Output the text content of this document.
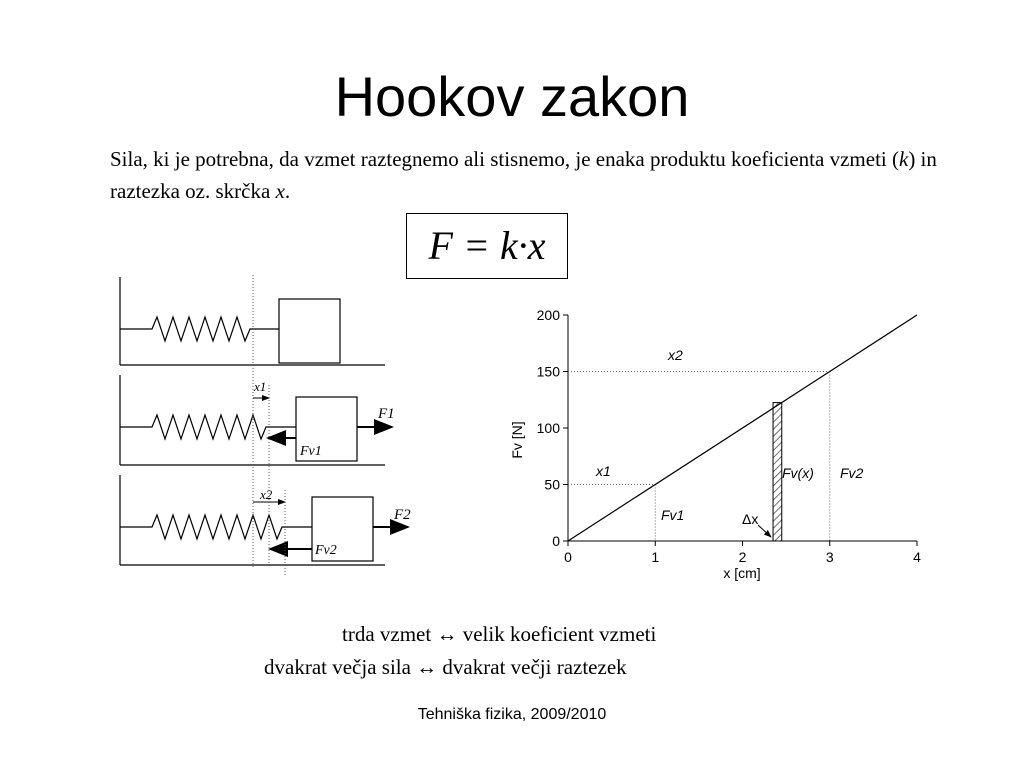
Hookov zakon
Sila, ki je potrebna, da vzmet raztegnemo ali stisnemo, je enaka produktu koeficienta vzmeti (k) in raztezka oz. skrčka x.
F = k·x
x1
F1
Fv1
x2
F2
Fv2
0
50
100
150
200
0	1	2	3	4
x [cm]
Fv [N]
x2
x1
Fv1
Fv(x) Fv2
Δx
trda vzmet ↔ velik koeficient vzmeti
dvakrat večja sila ↔ dvakrat večji raztezek
Tehniška fizika, 2009/2010
